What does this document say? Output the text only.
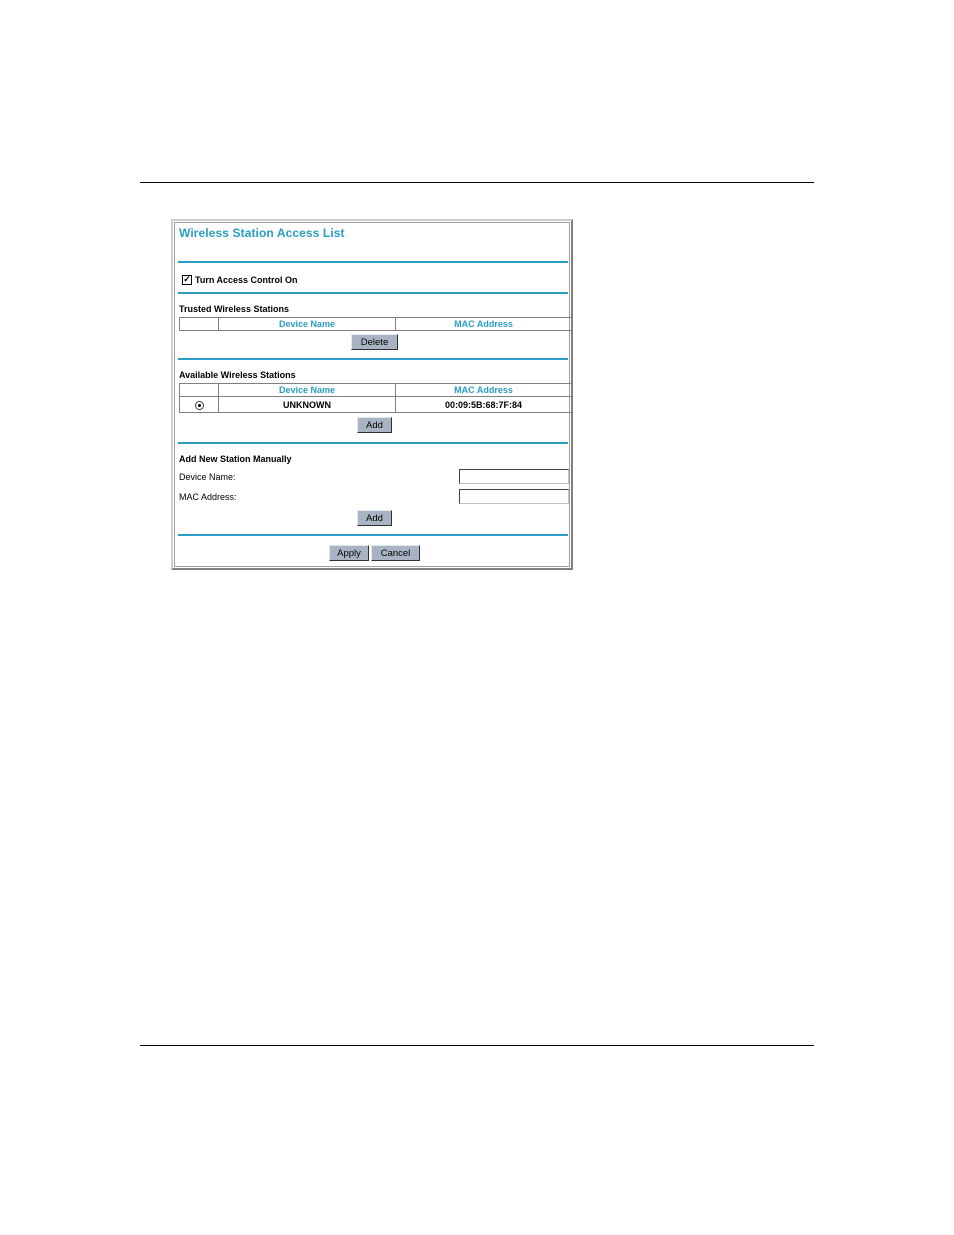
Wireless Station Access List
✓ Turn Access Control On
Trusted Wireless Stations
	Device Name	MAC Address
Delete
Available Wireless Stations
	Device Name	MAC Address
	UNKNOWN	00:09:5B:68:7F:84
Add
Add New Station Manually
Device Name:
MAC Address:
Add
Apply	Cancel
